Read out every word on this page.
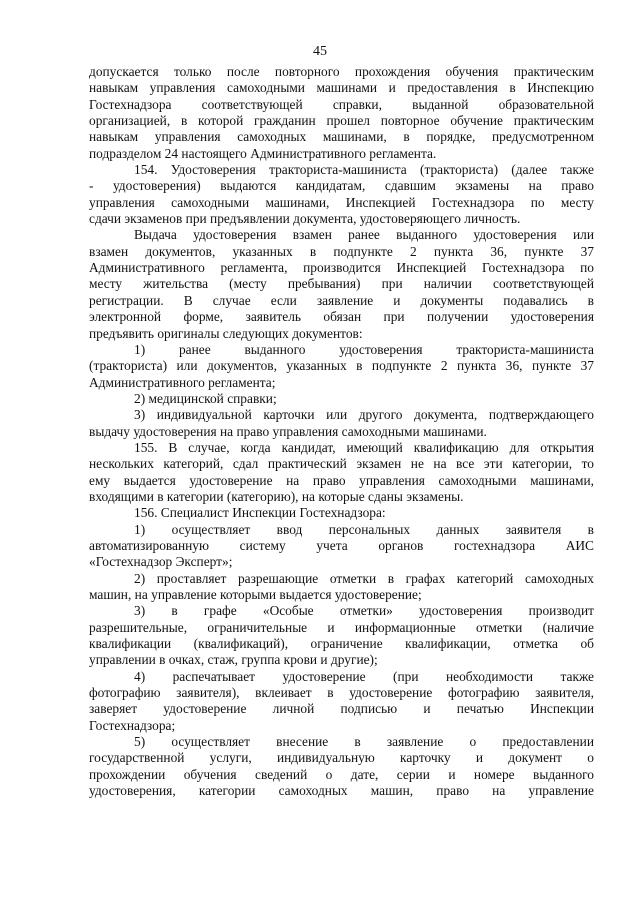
45
допускается только после повторного прохождения обучения практическим
навыкам управления самоходными машинами и предоставления в Инспекцию
Гостехнадзора соответствующей справки, выданной образовательной
организацией, в которой гражданин прошел повторное обучение практическим
навыкам управления самоходных машинами, в порядке, предусмотренном
подразделом 24 настоящего Административного регламента.
154. Удостоверения тракториста-машиниста (тракториста) (далее также
- удостоверения) выдаются кандидатам, сдавшим экзамены на право
управления самоходными машинами, Инспекцией Гостехнадзора по месту
сдачи экзаменов при предъявлении документа, удостоверяющего личность.
Выдача удостоверения взамен ранее выданного удостоверения или
взамен документов, указанных в подпункте 2 пункта 36, пункте 37
Административного регламента, производится Инспекцией Гостехнадзора по
месту жительства (месту пребывания) при наличии соответствующей
регистрации. В случае если заявление и документы подавались в
электронной форме, заявитель обязан при получении удостоверения
предъявить оригиналы следующих документов:
1) ранее выданного удостоверения тракториста-машиниста
(тракториста) или документов, указанных в подпункте 2 пункта 36, пункте 37
Административного регламента;
2) медицинской справки;
3) индивидуальной карточки или другого документа, подтверждающего
выдачу удостоверения на право управления самоходными машинами.
155. В случае, когда кандидат, имеющий квалификацию для открытия
нескольких категорий, сдал практический экзамен не на все эти категории, то
ему выдается удостоверение на право управления самоходными машинами,
входящими в категории (категорию), на которые сданы экзамены.
156. Специалист Инспекции Гостехнадзора:
1) осуществляет ввод персональных данных заявителя в
автоматизированную систему учета органов гостехнадзора АИС
«Гостехнадзор Эксперт»;
2) проставляет разрешающие отметки в графах категорий самоходных
машин, на управление которыми выдается удостоверение;
3) в графе «Особые отметки» удостоверения производит
разрешительные, ограничительные и информационные отметки (наличие
квалификации (квалификаций), ограничение квалификации, отметка об
управлении в очках, стаж, группа крови и другие);
4) распечатывает удостоверение (при необходимости также
фотографию заявителя), вклеивает в удостоверение фотографию заявителя,
заверяет удостоверение личной подписью и печатью Инспекции
Гостехнадзора;
5) осуществляет внесение в заявление о предоставлении
государственной услуги, индивидуальную карточку и документ о
прохождении обучения сведений о дате, серии и номере выданного
удостоверения, категории самоходных машин, право на управление
